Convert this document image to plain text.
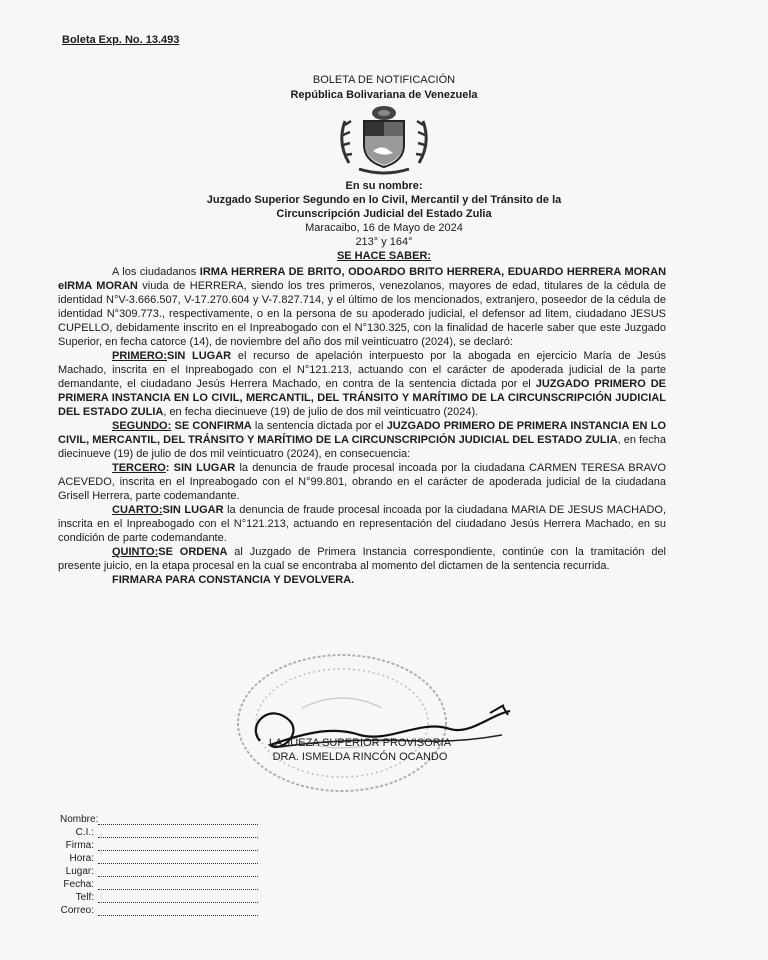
Boleta Exp. No. 13.493
BOLETA DE NOTIFICACIÓN
República Bolivariana de Venezuela
En su nombre:
Juzgado Superior Segundo en lo Civil, Mercantil y del Tránsito de la
Circunscripción Judicial del Estado Zulia
Maracaibo, 16 de Mayo de 2024
213° y 164°
SE HACE SABER:

A los ciudadanos IRMA HERRERA DE BRITO, ODOARDO BRITO HERRERA, EDUARDO HERRERA MORAN eIRMA MORAN viuda de HERRERA, siendo los tres primeros, venezolanos, mayores de edad, titulares de la cédula de identidad N°V-3.666.507, V-17.270.604 y V-7.827.714, y el último de los mencionados, extranjero, poseedor de la cédula de identidad N°309.773., respectivamente, o en la persona de su apoderado judicial, el defensor ad litem, ciudadano JESUS CUPELLO, debidamente inscrito en el Inpreabogado con el N°130.325, con la finalidad de hacerle saber que este Juzgado Superior, en fecha catorce (14), de noviembre del año dos mil veinticuatro (2024), se declaró:

PRIMERO:SIN LUGAR el recurso de apelación interpuesto por la abogada en ejercicio María de Jesús Machado, inscrita en el Inpreabogado con el N°121.213, actuando con el carácter de apoderada judicial de la parte demandante, el ciudadano Jesús Herrera Machado, en contra de la sentencia dictada por el JUZGADO PRIMERO DE PRIMERA INSTANCIA EN LO CIVIL, MERCANTIL, DEL TRÁNSITO Y MARÍTIMO DE LA CIRCUNSCRIPCIÓN JUDICIAL DEL ESTADO ZULIA, en fecha diecinueve (19) de julio de dos mil veinticuatro (2024).

SEGUNDO: SE CONFIRMA la sentencia dictada por el JUZGADO PRIMERO DE PRIMERA INSTANCIA EN LO CIVIL, MERCANTIL, DEL TRÁNSITO Y MARÍTIMO DE LA CIRCUNSCRIPCIÓN JUDICIAL DEL ESTADO ZULIA, en fecha diecinueve (19) de julio de dos mil veinticuatro (2024), en consecuencia:

TERCERO: SIN LUGAR la denuncia de fraude procesal incoada por la ciudadana CARMEN TERESA BRAVO ACEVEDO, inscrita en el Inpreabogado con el N°99.801, obrando en el carácter de apoderada judicial de la ciudadana Grisell Herrera, parte codemandante.

CUARTO:SIN LUGAR la denuncia de fraude procesal incoada por la ciudadana MARIA DE JESUS MACHADO, inscrita en el Inpreabogado con el N°121.213, actuando en representación del ciudadano Jesús Herrera Machado, en su condición de parte codemandante.

QUINTO:SE ORDENA al Juzgado de Primera Instancia correspondiente, continúe con la tramitación del presente juicio, en la etapa procesal en la cual se encontraba al momento del dictamen de la sentencia recurrida.

FIRMARA PARA CONSTANCIA Y DEVOLVERA.

LA JUEZA SUPERIOR PROVISORIA
DRA. ISMELDA RINCÓN OCANDO
Nombre:
C.I.:
Firma:
Hora:
Lugar:
Fecha:
Telf:
Correo:
